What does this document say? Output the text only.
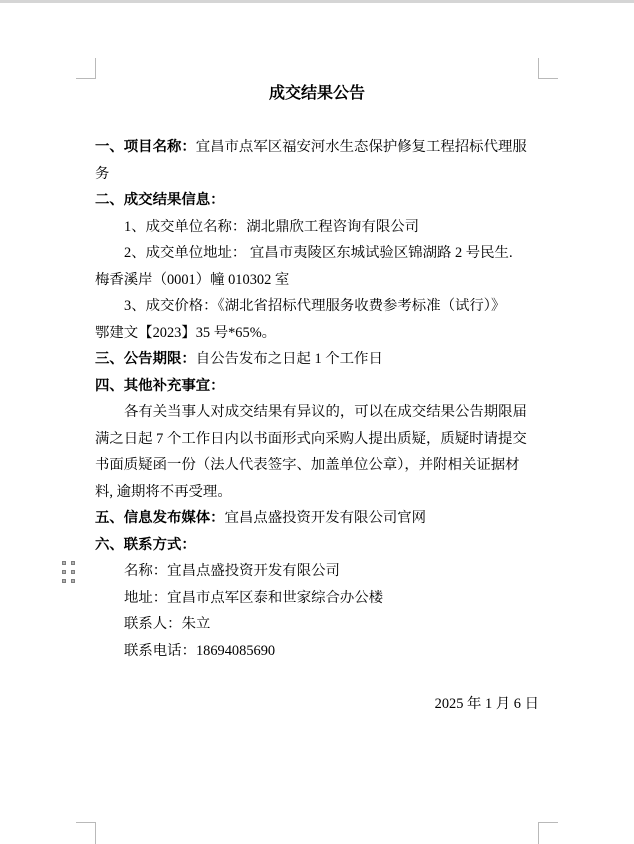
成交结果公告
一、项目名称：宜昌市点军区福安河水生态保护修复工程招标代理服
务
二、成交结果信息：
1、成交单位名称：湖北鼎欣工程咨询有限公司
2、成交单位地址： 宜昌市夷陵区东城试验区锦湖路 2 号民生.
梅香溪岸（0001）幢 010302 室
3、成交价格：《湖北省招标代理服务收费参考标准（试行）》
鄂建文【2023】35 号*65%。
三、公告期限：自公告发布之日起 1 个工作日
四、其他补充事宜：
各有关当事人对成交结果有异议的，可以在成交结果公告期限届
满之日起 7 个工作日内以书面形式向采购人提出质疑，质疑时请提交
书面质疑函一份（法人代表签字、加盖单位公章），并附相关证据材
料, 逾期将不再受理。
五、信息发布媒体：宜昌点盛投资开发有限公司官网
六、联系方式：
名称：宜昌点盛投资开发有限公司
地址：宜昌市点军区泰和世家综合办公楼
联系人：朱立
联系电话：18694085690
2025 年 1 月 6 日
